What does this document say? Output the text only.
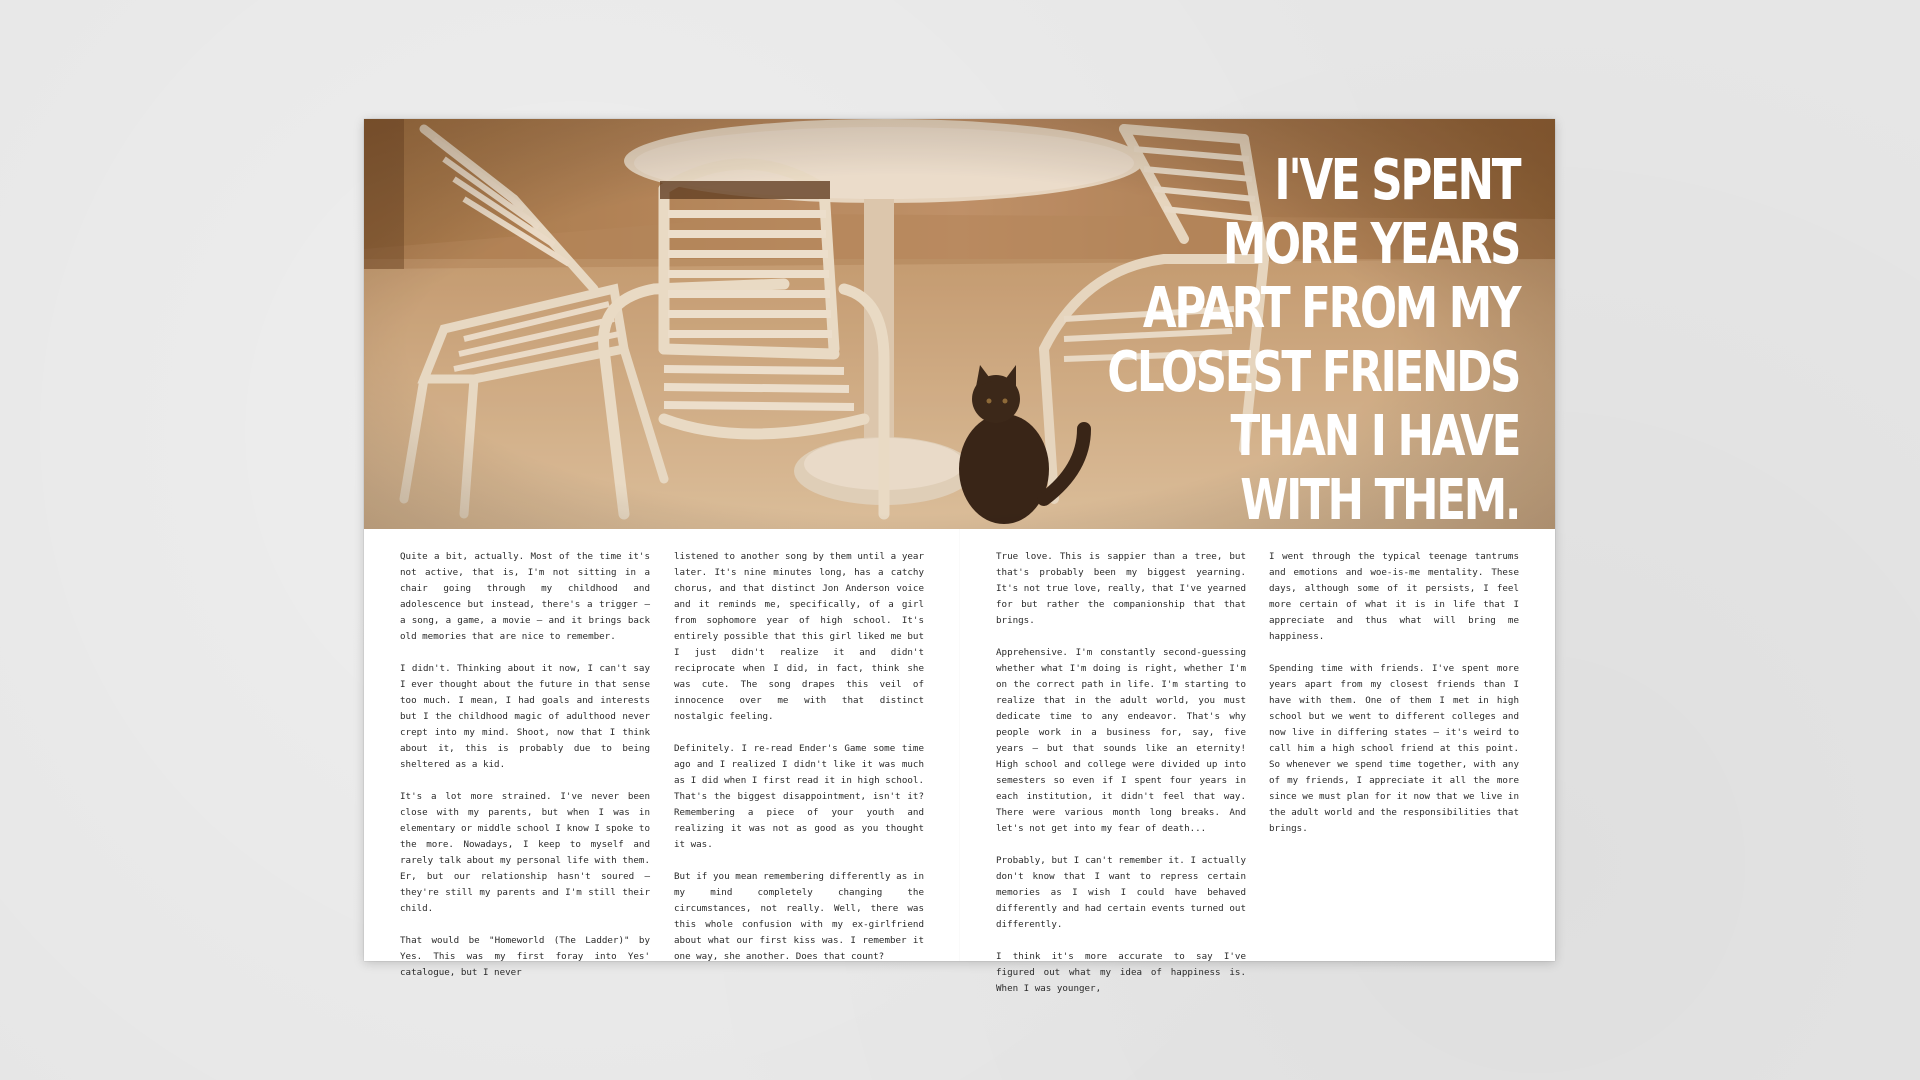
I'VE SPENT
MORE YEARS
APART FROM MY
CLOSEST FRIENDS
THAN I HAVE
WITH THEM.

Quite a bit, actually. Most of the time it's not active, that is, I'm not sitting in a chair going through my childhood and adolescence but instead, there's a trigger – a song, a game, a movie – and it brings back old memories that are nice to remember.

I didn't. Thinking about it now, I can't say I ever thought about the future in that sense too much. I mean, I had goals and interests but I the childhood magic of adulthood never crept into my mind. Shoot, now that I think about it, this is probably due to being sheltered as a kid.

It's a lot more strained. I've never been close with my parents, but when I was in elementary or middle school I know I spoke to the more. Nowadays, I keep to myself and rarely talk about my personal life with them. Er, but our relationship hasn't soured – they're still my parents and I'm still their child.

That would be "Homeworld (The Ladder)" by Yes. This was my first foray into Yes' catalogue, but I never

listened to another song by them until a year later. It's nine minutes long, has a catchy chorus, and that distinct Jon Anderson voice and it reminds me, specifically, of a girl from sophomore year of high school. It's entirely possible that this girl liked me but I just didn't realize it and didn't reciprocate when I did, in fact, think she was cute. The song drapes this veil of innocence over me with that distinct nostalgic feeling.

Definitely. I re-read Ender's Game some time ago and I realized I didn't like it was much as I did when I first read it in high school. That's the biggest disappointment, isn't it? Remembering a piece of your youth and realizing it was not as good as you thought it was.

But if you mean remembering differently as in my mind completely changing the circumstances, not really. Well, there was this whole confusion with my ex-girlfriend about what our first kiss was. I remember it one way, she another. Does that count?

True love. This is sappier than a tree, but that's probably been my biggest yearning. It's not true love, really, that I've yearned for but rather the companionship that that brings.

Apprehensive. I'm constantly second-guessing whether what I'm doing is right, whether I'm on the correct path in life. I'm starting to realize that in the adult world, you must dedicate time to any endeavor. That's why people work in a business for, say, five years – but that sounds like an eternity! High school and college were divided up into semesters so even if I spent four years in each institution, it didn't feel that way. There were various month long breaks. And let's not get into my fear of death...

Probably, but I can't remember it. I actually don't know that I want to repress certain memories as I wish I could have behaved differently and had certain events turned out differently.

I think it's more accurate to say I've figured out what my idea of happiness is. When I was younger,

I went through the typical teenage tantrums and emotions and woe-is-me mentality. These days, although some of it persists, I feel more certain of what it is in life that I appreciate and thus what will bring me happiness.

Spending time with friends. I've spent more years apart from my closest friends than I have with them. One of them I met in high school but we went to different colleges and now live in differing states – it's weird to call him a high school friend at this point. So whenever we spend time together, with any of my friends, I appreciate it all the more since we must plan for it now that we live in the adult world and the responsibilities that brings.
